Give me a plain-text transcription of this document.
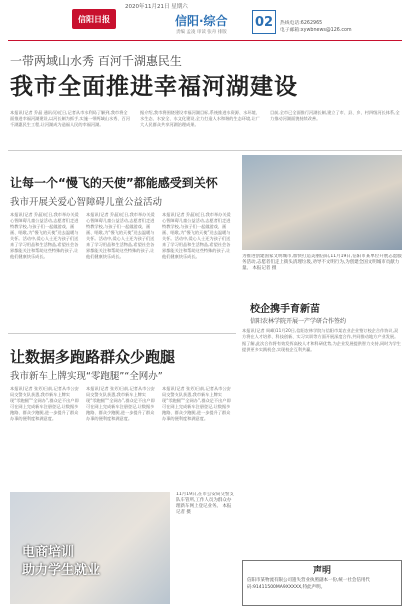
2020年11月21日 星期六
信阳日报	信阳·综合
责编 孟凌 审读 张舟 排版
02	热线电话:6262965
电子邮箱:xywbnews@126.com
一带两域山水秀 百河千湖惠民生
我市全面推进幸福河湖建设
本报讯(记者 乔晶 通讯员)近日,记者从市水利局了解到,我市将全面推进幸福河湖建设,以河长制为抓手,实施一带两域山水秀、百河千湖惠民生工程,让河湖成为造福人民的幸福河湖。
据介绍,我市将围绕建设幸福河湖目标,系统推进水资源、水环境、水生态、水安全、水文化建设,全力打造人水和谐的生态环境,让广大人民群众共享河湖治理成果。
目前,全市已全面推行河湖长制,建立了市、县、乡、村四级河长体系,全力推动河湖面貌持续改善。
让每一个“慢飞的天使”都能感受到关怀
我市开展关爱心智障碍儿童公益活动
本报讯(记者 乔晶)近日,我市举办关爱心智障碍儿童公益活动,志愿者们走进特教学校,与孩子们一起做游戏、画画、唱歌,为“慢飞的天使”送去温暖与关怀。活动中,爱心人士还为孩子们送来了学习用品和生活物品,希望社会各界都能关注和帮助这些特殊的孩子,让他们健康快乐成长。
本报讯(记者 乔晶)近日,我市举办关爱心智障碍儿童公益活动,志愿者们走进特教学校,与孩子们一起做游戏、画画、唱歌,为“慢飞的天使”送去温暖与关怀。活动中,爱心人士还为孩子们送来了学习用品和生活物品,希望社会各界都能关注和帮助这些特殊的孩子,让他们健康快乐成长。
本报讯(记者 乔晶)近日,我市举办关爱心智障碍儿童公益活动,志愿者们走进特教学校,与孩子们一起做游戏、画画、唱歌,为“慢飞的天使”送去温暖与关怀。活动中,爱心人士还为孩子们送来了学习用品和生活物品,希望社会各界都能关注和帮助这些特殊的孩子,让他们健康快乐成长。
让数据多跑路群众少跑腿
我市新车上牌实现“零跑腿”“全网办”
本报讯(记者 张芳)日前,记者从市公安局交警支队获悉,我市新车上牌实现“零跑腿”“全网办”,群众足不出户即可在网上完成新车注册登记,让数据多跑路、群众少跑腿,进一步提升了群众办事的便利度和满意度。
本报讯(记者 张芳)日前,记者从市公安局交警支队获悉,我市新车上牌实现“零跑腿”“全网办”,群众足不出户即可在网上完成新车注册登记,让数据多跑路、群众少跑腿,进一步提升了群众办事的便利度和满意度。
本报讯(记者 张芳)日前,记者从市公安局交警支队获悉,我市新车上牌实现“零跑腿”“全网办”,群众足不出户即可在网上完成新车注册登记,让数据多跑路、群众少跑腿,进一步提升了群众办事的便利度和满意度。
电商培训
助力学生就业
11月19日,在市公安局交警支队车管所,工作人员为群众办理新车网上登记业务。 本报记者 摄
为推进创建国家文明城市,加快打造美丽信阳,11月19日,信阳市某单位开展志愿服务活动,志愿者们走上街头清理垃圾,劝导不文明行为,为创建全国文明城市贡献力量。 本报记者 摄
校企携手育新苗
信阳农林学院开展一产学研合作签约
本报讯(记者 周峰)11月20日,信阳农林学院与信阳市某农业企业签订校企合作协议,双方将在人才培养、科技创新、实习实训等方面开展深度合作,共同推动地方产业发展。据了解,此次合作将有效发挥高校人才和科研优势,为企业发展提供智力支持,同时为学生提供更多实践机会,实现校企互利共赢。
声明
信阳市某物流有限公司遗失营业执照副本一份,统一社会信用代码:91411500MA9XXXXX,特此声明。
